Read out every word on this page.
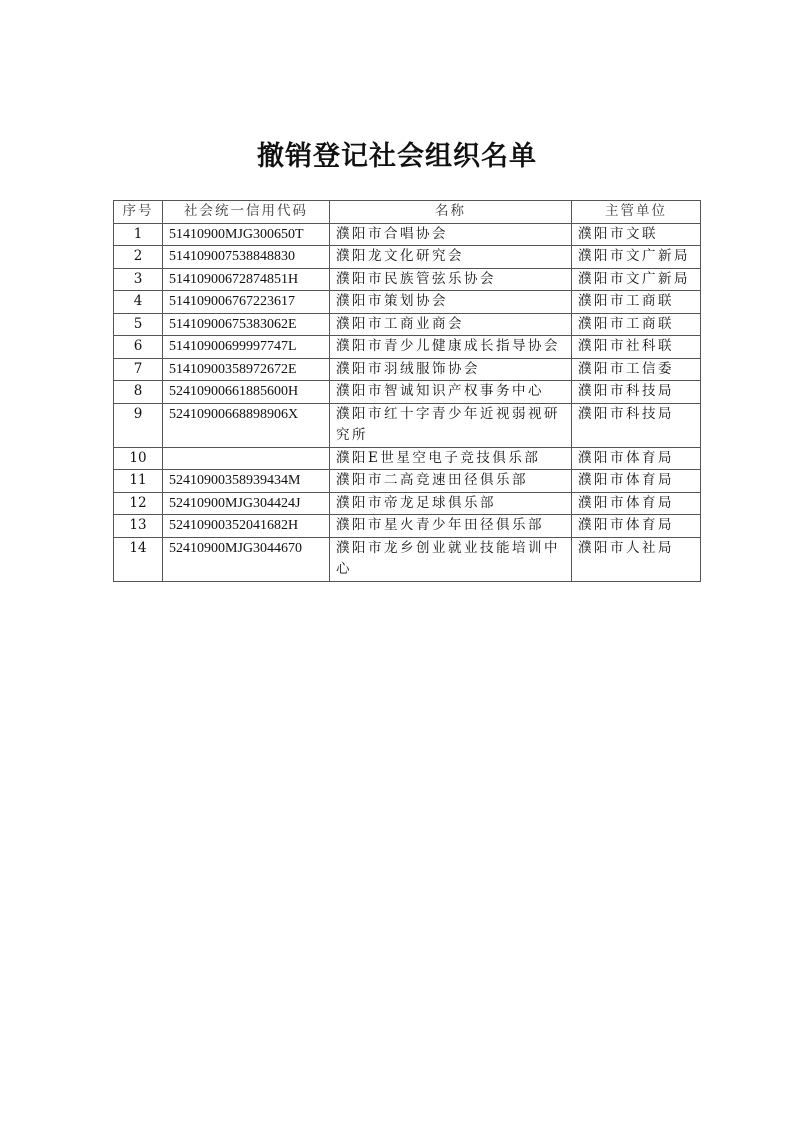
撤销登记社会组织名单
序号	社会统一信用代码	名称	主管单位
1	51410900MJG300650T	濮阳市合唱协会	濮阳市文联
2	514109007538848830	濮阳龙文化研究会	濮阳市文广新局
3	51410900672874851H	濮阳市民族管弦乐协会	濮阳市文广新局
4	514109006767223617	濮阳市策划协会	濮阳市工商联
5	51410900675383062E	濮阳市工商业商会	濮阳市工商联
6	51410900699997747L	濮阳市青少儿健康成长指导协会	濮阳市社科联
7	51410900358972672E	濮阳市羽绒服饰协会	濮阳市工信委
8	52410900661885600H	濮阳市智诚知识产权事务中心	濮阳市科技局
9	52410900668898906X	濮阳市红十字青少年近视弱视研究所	濮阳市科技局
10		濮阳E世星空电子竞技俱乐部	濮阳市体育局
11	52410900358939434M	濮阳市二高竞速田径俱乐部	濮阳市体育局
12	52410900MJG304424J	濮阳市帝龙足球俱乐部	濮阳市体育局
13	52410900352041682H	濮阳市星火青少年田径俱乐部	濮阳市体育局
14	52410900MJG3044670	濮阳市龙乡创业就业技能培训中心	濮阳市人社局
